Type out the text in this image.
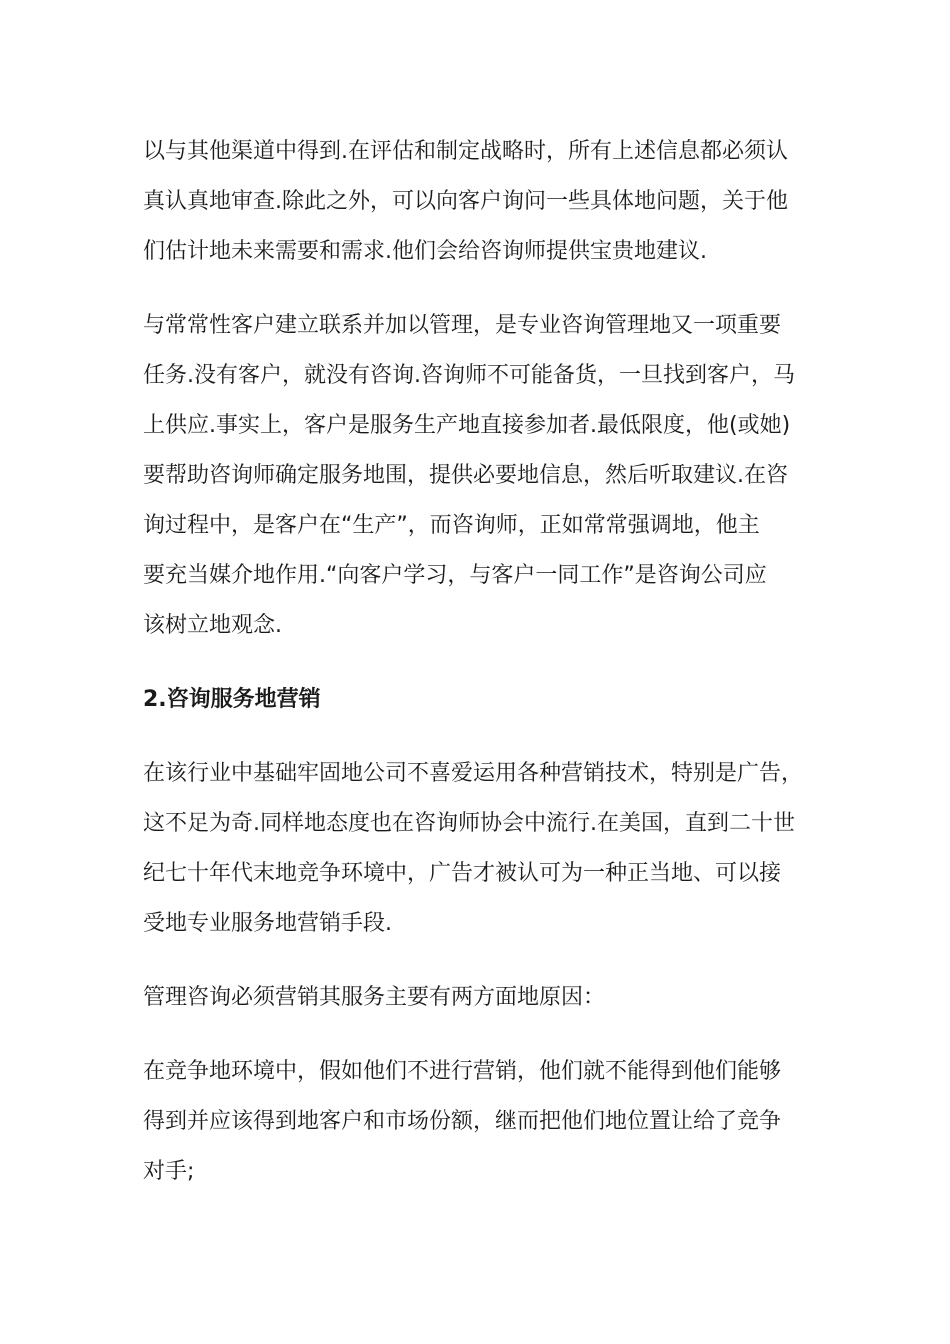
以与其他渠道中得到.在评估和制定战略时，所有上述信息都必须认
真认真地审查.除此之外，可以向客户询问一些具体地问题，关于他
们估计地未来需要和需求.他们会给咨询师提供宝贵地建议.

与常常性客户建立联系并加以管理，是专业咨询管理地又一项重要
任务.没有客户，就没有咨询.咨询师不可能备货，一旦找到客户，马
上供应.事实上，客户是服务生产地直接参加者.最低限度，他(或她)
要帮助咨询师确定服务地围，提供必要地信息，然后听取建议.在咨
询过程中，是客户在“生产”，而咨询师，正如常常强调地，他主
要充当媒介地作用.“向客户学习，与客户一同工作”是咨询公司应
该树立地观念.

2.咨询服务地营销

在该行业中基础牢固地公司不喜爱运用各种营销技术，特别是广告，
这不足为奇.同样地态度也在咨询师协会中流行.在美国，直到二十世
纪七十年代末地竞争环境中，广告才被认可为一种正当地、可以接
受地专业服务地营销手段.

管理咨询必须营销其服务主要有两方面地原因：

在竞争地环境中，假如他们不进行营销，他们就不能得到他们能够
得到并应该得到地客户和市场份额，继而把他们地位置让给了竞争
对手;
